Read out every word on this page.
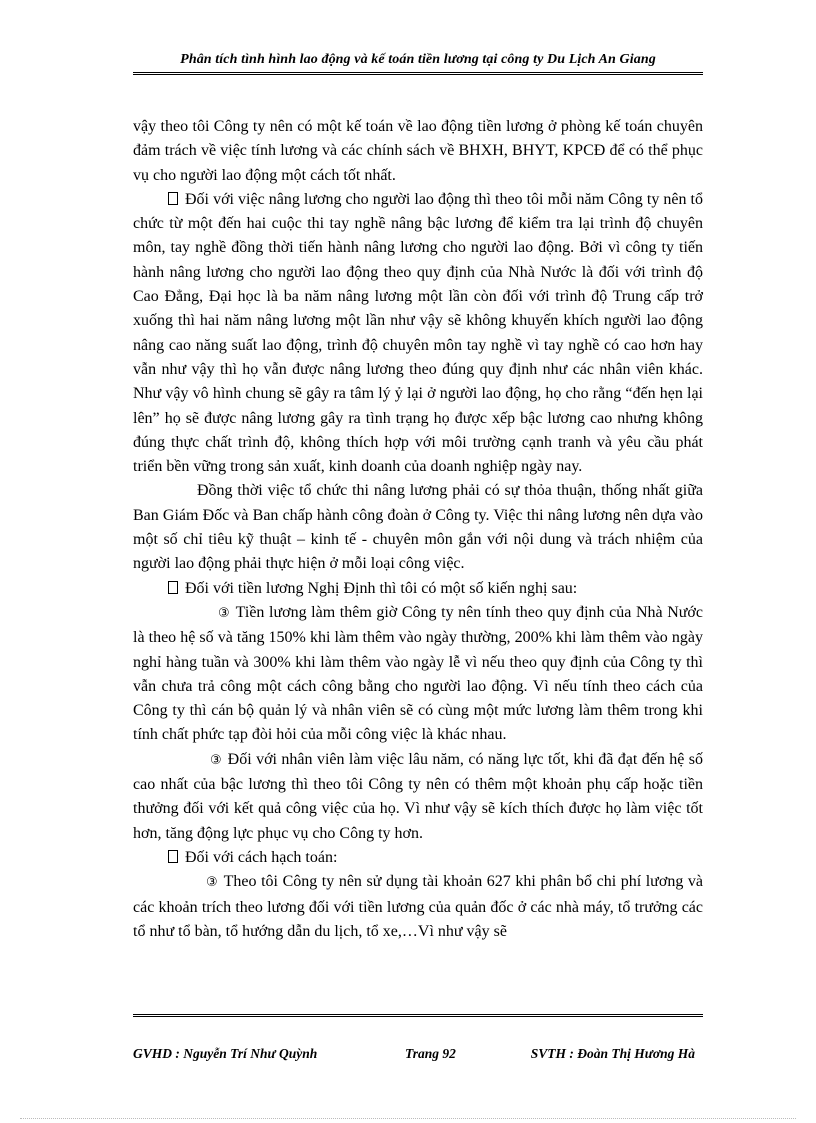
Phân tích tình hình lao động và kế toán tiền lương tại công ty Du Lịch An Giang

vậy theo tôi Công ty nên có một kế toán về lao động tiền lương ở phòng kế toán chuyên đảm trách về việc tính lương và các chính sách về BHXH, BHYT, KPCĐ để có thể phục vụ cho người lao động một cách tốt nhất.

Đối với việc nâng lương cho người lao động thì theo tôi mỗi năm Công ty nên tổ chức từ một đến hai cuộc thi tay nghề nâng bậc lương để kiểm tra lại trình độ chuyên môn, tay nghề đồng thời tiến hành nâng lương cho người lao động. Bởi vì công ty tiến hành nâng lương cho người lao động theo quy định của Nhà Nước là đối với trình độ Cao Đẳng, Đại học là ba năm nâng lương một lần còn đối với trình độ Trung cấp trở xuống thì hai năm nâng lương một lần như vậy sẽ không khuyến khích người lao động nâng cao năng suất lao động, trình độ chuyên môn tay nghề vì tay nghề có cao hơn hay vẫn như vậy thì họ vẫn được nâng lương theo đúng quy định như các nhân viên khác. Như vậy vô hình chung sẽ gây ra tâm lý ỷ lại ở người lao động, họ cho rằng “đến hẹn lại lên” họ sẽ được nâng lương gây ra tình trạng họ được xếp bậc lương cao nhưng không đúng thực chất trình độ, không thích hợp với môi trường cạnh tranh và yêu cầu phát triển bền vững trong sản xuất, kinh doanh của doanh nghiệp ngày nay.

Đồng thời việc tổ chức thi nâng lương phải có sự thỏa thuận, thống nhất giữa Ban Giám Đốc và Ban chấp hành công đoàn ở Công ty. Việc thi nâng lương nên dựa vào một số chỉ tiêu kỹ thuật – kinh tế - chuyên môn gắn với nội dung và trách nhiệm của người lao động phải thực hiện ở mỗi loại công việc.

Đối với tiền lương Nghị Định thì tôi có một số kiến nghị sau:

③ Tiền lương làm thêm giờ Công ty nên tính theo quy định của Nhà Nước là theo hệ số và tăng 150% khi làm thêm vào ngày thường, 200% khi làm thêm vào ngày nghỉ hàng tuần và 300% khi làm thêm vào ngày lễ vì nếu theo quy định của Công ty thì vẫn chưa trả công một cách công bằng cho người lao động. Vì nếu tính theo cách của Công ty thì cán bộ quản lý và nhân viên sẽ có cùng một mức lương làm thêm trong khi tính chất phức tạp đòi hỏi của mỗi công việc là khác nhau.

③ Đối với nhân viên làm việc lâu năm, có năng lực tốt, khi đã đạt đến hệ số cao nhất của bậc lương thì theo tôi Công ty nên có thêm một khoản phụ cấp hoặc tiền thưởng đối với kết quả công việc của họ. Vì như vậy sẽ kích thích được họ làm việc tốt hơn, tăng động lực phục vụ cho Công ty hơn.

Đối với cách hạch toán:

③ Theo tôi Công ty nên sử dụng tài khoản 627 khi phân bổ chi phí lương và các khoản trích theo lương đối với tiền lương của quản đốc ở các nhà máy, tổ trưởng các tổ như tổ bàn, tổ hướng dẫn du lịch, tổ xe,…Vì như vậy sẽ

GVHD : Nguyễn Trí Như Quỳnh	Trang 92	SVTH : Đoàn Thị Hương Hà
